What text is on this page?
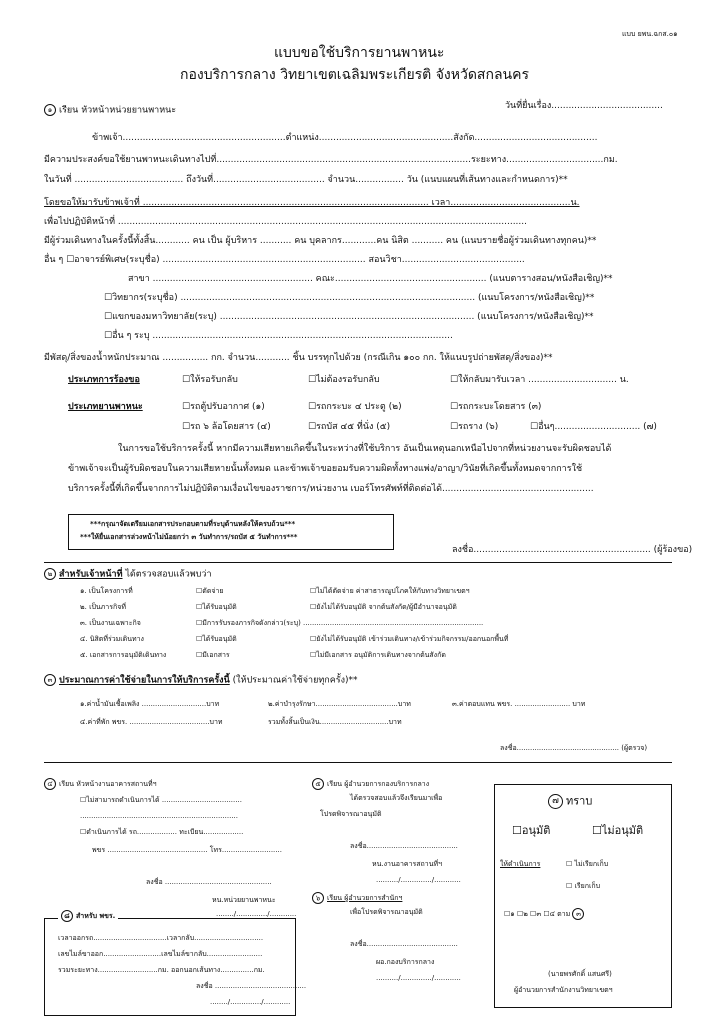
แบบ ยพน.ฉกส.๐๑
แบบขอใช้บริการยานพาหนะ
กองบริการกลาง วิทยาเขตเฉลิมพระเกียรติ จังหวัดสกลนคร
๑ เรียน หัวหน้าหน่วยยานพาหนะ	วันที่ยื่นเรื่อง.......................................
ข้าพเจ้า.........................................................ตำแหน่ง...............................................สังกัด...........................................
มีความประสงค์ขอใช้ยานพาหนะเดินทางไปที่.........................................................................................ระยะทาง..................................กม.
ในวันที่ ...................................... ถึงวันที่....................................... จำนวน................. วัน (แนบแผนที่เส้นทางและกำหนดการ)**
โดยขอให้มารับข้าพเจ้าที่ .................................................................................................... เวลา..........................................น.
เพื่อไปปฏิบัติหน้าที่ ...............................................................................................................................................
มีผู้ร่วมเดินทางในครั้งนี้ทั้งสิ้น............ คน เป็น ผู้บริหาร ........... คน บุคลากร............คน นิสิต ........... คน (แนบรายชื่อผู้ร่วมเดินทางทุกคน)**
อื่น ๆ ☐อาจารย์พิเศษ(ระบุชื่อ) ....................................................................... สอนวิชา...........................................
สาขา ........................................................ คณะ..................................................... (แนบตารางสอน/หนังสือเชิญ)**
☐วิทยากร(ระบุชื่อ) ....................................................................................................... (แนบโครงการ/หนังสือเชิญ)**
☐แขกของมหาวิทยาลัย(ระบุ) ......................................................................................... (แนบโครงการ/หนังสือเชิญ)**
☐อื่น ๆ ระบุ .........................................................................................................
มีพัสดุ/สิ่งของน้ำหนักประมาณ ................ กก. จำนวน............ ชิ้น บรรทุกไปด้วย (กรณีเกิน ๑๐๐ กก. ให้แนบรูปถ่ายพัสดุ/สิ่งของ)**
ประเภทการร้องขอ	☐ให้รอรับกลับ	☐ไม่ต้องรอรับกลับ	☐ให้กลับมารับเวลา ............................... น.
ประเภทยานพาหนะ	☐รถตู้ปรับอากาศ (๑)	☐รถกระบะ ๔ ประตู (๒)	☐รถกระบะโดยสาร (๓)
☐รถ ๖ ล้อโดยสาร (๔)	☐รถบัส ๔๕ ที่นั่ง (๕)	☐รถราง (๖)	☐อื่นๆ.............................. (๗)
ในการขอใช้บริการครั้งนี้ หากมีความเสียหายเกิดขึ้นในระหว่างที่ใช้บริการ อันเป็นเหตุนอกเหนือไปจากที่หน่วยงานจะรับผิดชอบได้
ข้าพเจ้าจะเป็นผู้รับผิดชอบในความเสียหายนั้นทั้งหมด และข้าพเจ้าขอยอมรับความผิดทั้งทางแพ่ง/อาญา/วินัยที่เกิดขึ้นทั้งหมดจากการใช้
บริการครั้งนี้ที่เกิดขึ้นจากการไม่ปฏิบัติตามเงื่อนไขของราชการ/หน่วยงาน เบอร์โทรศัพท์ที่ติดต่อได้.....................................................
***กรุณาจัดเตรียมเอกสารประกอบตามที่ระบุด้านหลังให้ครบถ้วน***
***ให้ยื่นเอกสารล่วงหน้าไม่น้อยกว่า ๓ วันทำการ/รถบัส ๕ วันทำการ***
ลงชื่อ.............................................................. (ผู้ร้องขอ)
๒ สำหรับเจ้าหน้าที่ ได้ตรวจสอบแล้วพบว่า
๑. เป็นโครงการที่	☐ตัดจ่าย	☐ไม่ได้ตัดจ่าย ค่าสาธารณูปโภคให้กับทางวิทยาเขตฯ
๒. เป็นภารกิจที่	☐ได้รับอนุมัติ	☐ยังไม่ได้รับอนุมัติ จากต้นสังกัด/ผู้มีอำนาจอนุมัติ
๓. เป็นงานเฉพาะกิจ	☐มีการรับรองภารกิจดังกล่าว(ระบุ) .................................................................................
๔. นิสิตที่ร่วมเดินทาง	☐ได้รับอนุมัติ	☐ยังไม่ได้รับอนุมัติ เข้าร่วมเดินทาง/เข้าร่วมกิจกรรม/ออกนอกพื้นที่
๕. เอกสารการอนุมัติเดินทาง	☐มีเอกสาร	☐ไม่มีเอกสาร อนุมัติการเดินทางจากต้นสังกัด
๓ ประมาณการค่าใช้จ่ายในการให้บริการครั้งนี้ (ให้ประมาณค่าใช้จ่ายทุกครั้ง)**
๑.ค่าน้ำมันเชื้อเพลิง .............................บาท	๒.ค่าบำรุงรักษา.....................................บาท	๓.ค่าตอบแทน พขร. ......................... บาท
๔.ค่าที่พัก พขร. ....................................บาท	รวมทั้งสิ้นเป็นเงิน...............................บาท
ลงชื่อ.............................................. (ผู้ตรวจ)
๔ เรียน หัวหน้างานอาคารสถานที่ฯ
☐ไม่สามารถดำเนินการได้ ....................................
.......................................................................
☐ดำเนินการได้ รถ.................. ทะเบียน..................
พขร ............................................. โทร...........................
ลงชื่อ ................................................
หน.หน่วยยานพาหนะ
......../............../............
๕ เรียน ผู้อำนวยการกองบริการกลาง
ได้ตรวจสอบแล้วจึงเรียนมาเพื่อ
โปรดพิจารณาอนุมัติ
ลงชื่อ.........................................
หน.งานอาคารสถานที่ฯ
........../............../............
๖ เรียน ผู้อำนวยการสำนักฯ
เพื่อโปรดพิจารณาอนุมัติ
ลงชื่อ.........................................
ผอ.กองบริการกลาง
........../............../............
๗ ทราบ
☐อนุมัติ	☐ไม่อนุมัติ
ให้ดำเนินการ	☐ ไม่เรียกเก็บ
☐ เรียกเก็บ
☐๑ ☐๒ ☐๓ ☐๔ ตาม ๓
(นายพรศักดิ์ แสนศรี)
ผู้อำนวยการสำนักงานวิทยาเขตฯ
๘ สำหรับ พขร.
เวลาออกรถ.................................เวลากลับ...............................
เลขไมล์ขาออก..........................เลขไมล์ขากลับ.........................
รวมระยะทาง...........................กม. ออกนอกเส้นทาง...............กม.
ลงชื่อ .........................................
......../............../............
